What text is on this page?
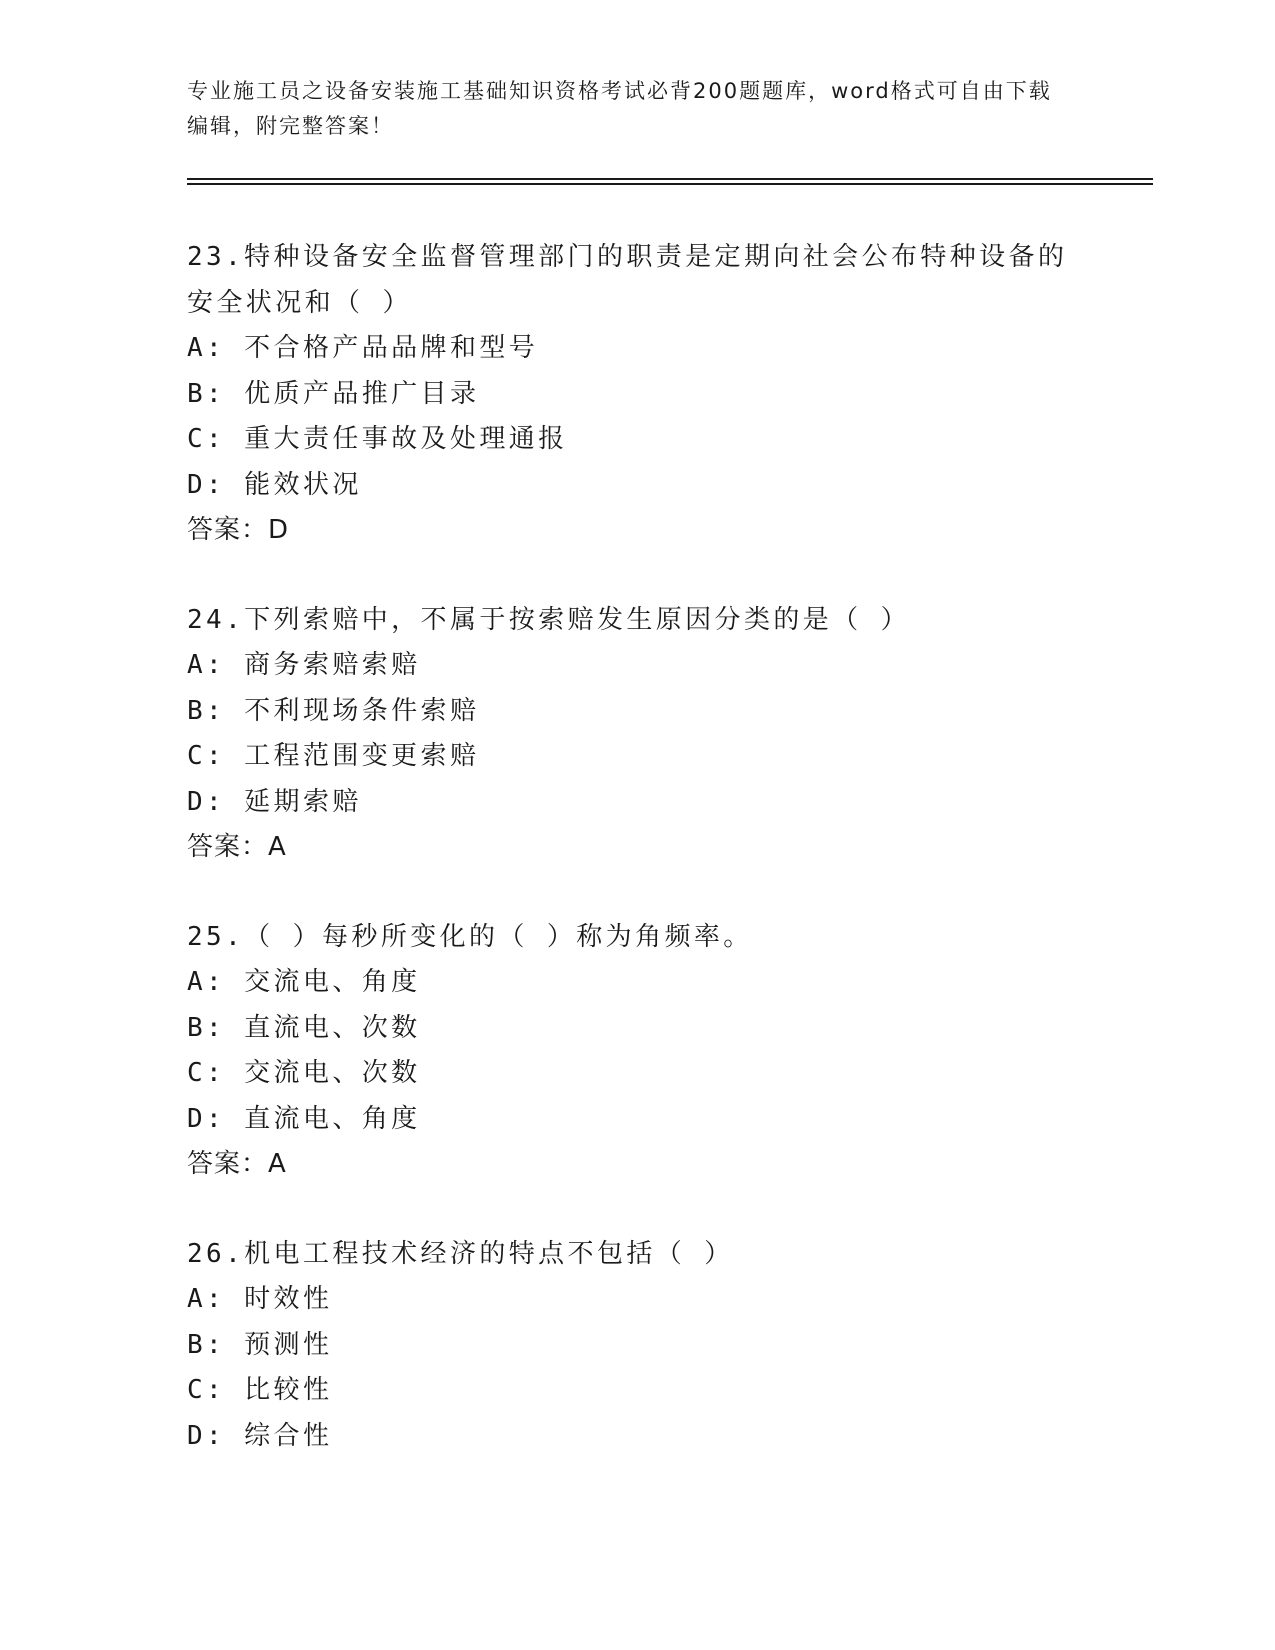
专业施工员之设备安装施工基础知识资格考试必背200题题库，word格式可自由下载编辑，附完整答案！
23.特种设备安全监督管理部门的职责是定期向社会公布特种设备的安全状况和（ ）
A: 不合格产品品牌和型号
B: 优质产品推广目录
C: 重大责任事故及处理通报
D: 能效状况
答案：D
24.下列索赔中，不属于按索赔发生原因分类的是（ ）
A: 商务索赔索赔
B: 不利现场条件索赔
C: 工程范围变更索赔
D: 延期索赔
答案：A
25.（ ）每秒所变化的（ ）称为角频率。
A: 交流电、角度
B: 直流电、次数
C: 交流电、次数
D: 直流电、角度
答案：A
26.机电工程技术经济的特点不包括（ ）
A: 时效性
B: 预测性
C: 比较性
D: 综合性
